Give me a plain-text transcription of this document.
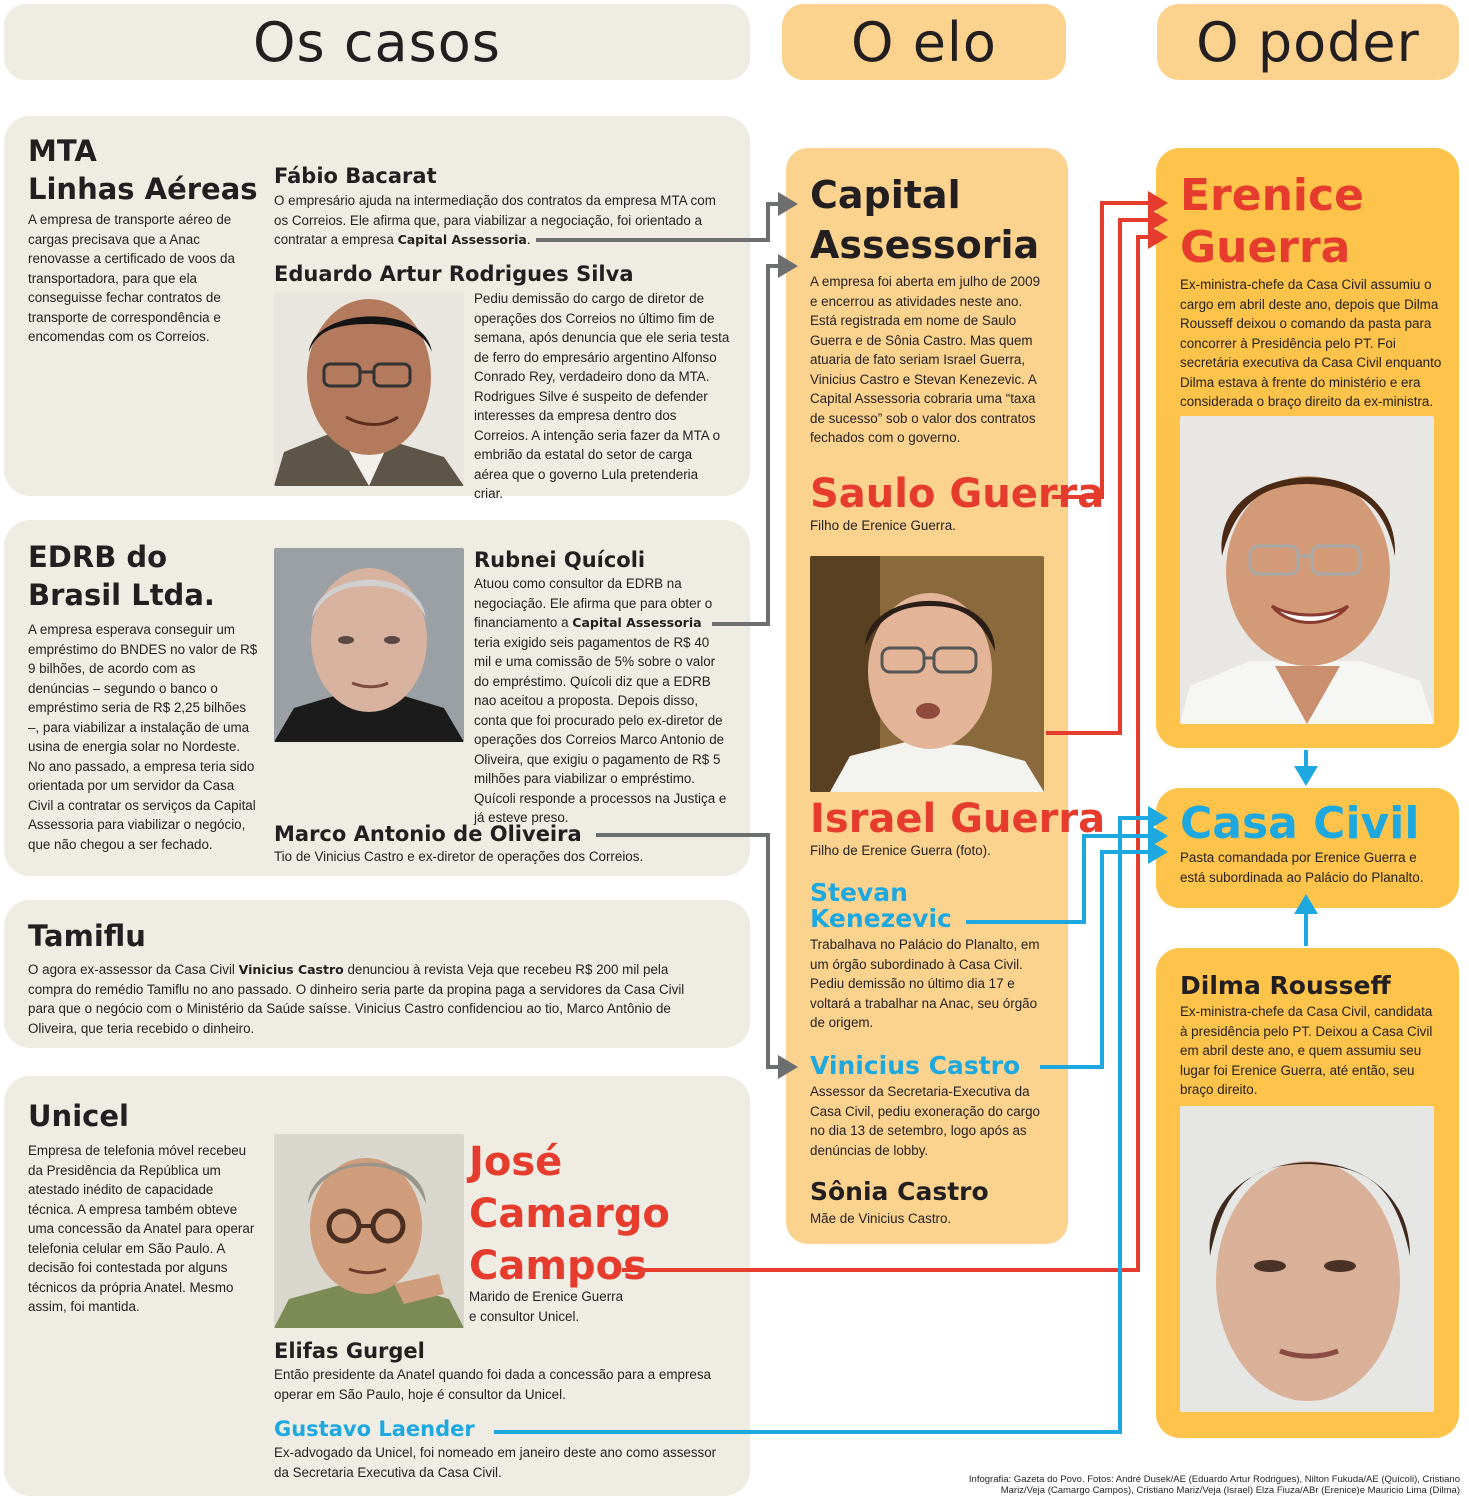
Os casos	O elo	O poder
MTA
Linhas Aéreas
A empresa de transporte aéreo de cargas precisava que a Anac renovasse a certificado de voos da transportadora, para que ela conseguisse fechar contratos de transporte de correspondência e encomendas com os Correios.
Fábio Bacarat
O empresário ajuda na intermediação dos contratos da empresa MTA com os Correios. Ele afirma que, para viabilizar a negociação, foi orientado a contratar a empresa Capital Assessoria.
Eduardo Artur Rodrigues Silva
Pediu demissão do cargo de diretor de operações dos Correios no último fim de semana, após denuncia que ele seria testa de ferro do empresário argentino Alfonso Conrado Rey, verdadeiro dono da MTA. Rodrigues Silve é suspeito de defender interesses da empresa dentro dos Correios. A intenção seria fazer da MTA o embrião da estatal do setor de carga aérea que o governo Lula pretenderia criar.
EDRB do
Brasil Ltda.
A empresa esperava conseguir um empréstimo do BNDES no valor de R$ 9 bilhões, de acordo com as denúncias – segundo o banco o empréstimo seria de R$ 2,25 bilhões –, para viabilizar a instalação de uma usina de energia solar no Nordeste. No ano passado, a empresa teria sido orientada por um servidor da Casa Civil a contratar os serviços da Capital Assessoria para viabilizar o negócio, que não chegou a ser fechado.
Rubnei Quícoli
Atuou como consultor da EDRB na negociação. Ele afirma que para obter o financiamento a Capital Assessoria teria exigido seis pagamentos de R$ 40 mil e uma comissão de 5% sobre o valor do empréstimo. Quícoli diz que a EDRB nao aceitou a proposta. Depois disso, conta que foi procurado pelo ex-diretor de operações dos Correios Marco Antonio de Oliveira, que exigiu o pagamento de R$ 5 milhões para viabilizar o empréstimo. Quícoli responde a processos na Justiça e já esteve preso.
Marco Antonio de Oliveira
Tio de Vinicius Castro e ex-diretor de operações dos Correios.
Tamiflu
O agora ex-assessor da Casa Civil Vinicius Castro denunciou à revista Veja que recebeu R$ 200 mil pela compra do remédio Tamiflu no ano passado. O dinheiro seria parte da propina paga a servidores da Casa Civil para que o negócio com o Ministério da Saúde saísse. Vinicius Castro confidenciou ao tio, Marco Antônio de Oliveira, que teria recebido o dinheiro.
Unicel
Empresa de telefonia móvel recebeu da Presidência da República um atestado inédito de capacidade técnica. A empresa também obteve uma concessão da Anatel para operar telefonia celular em São Paulo. A decisão foi contestada por alguns técnicos da própria Anatel. Mesmo assim, foi mantida.
José
Camargo
Campos
Marido de Erenice Guerra e consultor Unicel.
Elifas Gurgel
Então presidente da Anatel quando foi dada a concessão para a empresa operar em São Paulo, hoje é consultor da Unicel.
Gustavo Laender
Ex-advogado da Unicel, foi nomeado em janeiro deste ano como assessor da Secretaria Executiva da Casa Civil.
Capital
Assessoria
A empresa foi aberta em julho de 2009 e encerrou as atividades neste ano. Está registrada em nome de Saulo Guerra e de Sônia Castro. Mas quem atuaria de fato seriam Israel Guerra, Vinicius Castro e Stevan Kenezevic. A Capital Assessoria cobraria uma “taxa de sucesso” sob o valor dos contratos fechados com o governo.
Saulo Guerra
Filho de Erenice Guerra.
Israel Guerra
Filho de Erenice Guerra (foto).
Stevan
Kenezevic
Trabalhava no Palácio do Planalto, em um órgão subordinado à Casa Civil. Pediu demissão no último dia 17 e voltará a trabalhar na Anac, seu órgão de origem.
Vinicius Castro
Assessor da Secretaria-Executiva da Casa Civil, pediu exoneração do cargo no dia 13 de setembro, logo após as denúncias de lobby.
Sônia Castro
Mãe de Vinicius Castro.
Erenice
Guerra
Ex-ministra-chefe da Casa Civil assumiu o cargo em abril deste ano, depois que Dilma Rousseff deixou o comando da pasta para concorrer à Presidência pelo PT. Foi secretária executiva da Casa Civil enquanto Dilma estava à frente do ministério e era considerada o braço direito da ex-ministra.
Casa Civil
Pasta comandada por Erenice Guerra e está subordinada ao Palácio do Planalto.
Dilma Rousseff
Ex-ministra-chefe da Casa Civil, candidata à presidência pelo PT. Deixou a Casa Civil em abril deste ano, e quem assumiu seu lugar foi Erenice Guerra, até então, seu braço direito.
Infografia: Gazeta do Povo. Fotos: André Dusek/AE (Eduardo Artur Rodrigues), Nilton Fukuda/AE (Quícoli), Cristiano
Mariz/Veja (Camargo Campos), Cristiano Mariz/Veja (Israel) Elza Fiuza/ABr (Erenice)e Mauricio Lima (Dilma)
